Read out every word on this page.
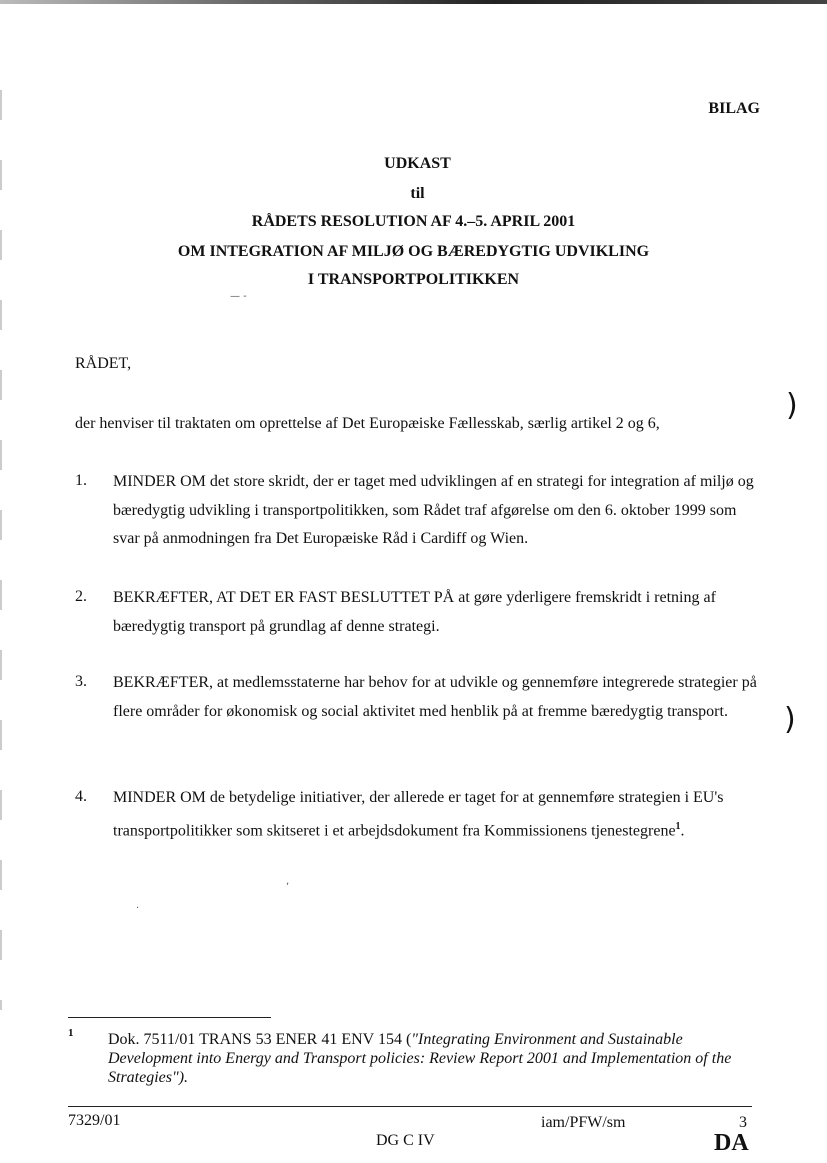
BILAG
UDKAST
til
RÅDETS RESOLUTION AF 4.–5. APRIL 2001
OM INTEGRATION AF MILJØ OG BÆREDYGTIG UDVIKLING
I TRANSPORTPOLITIKKEN
RÅDET,
der henviser til traktaten om oprettelse af Det Europæiske Fællesskab, særlig artikel 2 og 6,
1. MINDER OM det store skridt, der er taget med udviklingen af en strategi for integration af miljø og bæredygtig udvikling i transportpolitikken, som Rådet traf afgørelse om den 6. oktober 1999 som svar på anmodningen fra Det Europæiske Råd i Cardiff og Wien.
2. BEKRÆFTER, AT DET ER FAST BESLUTTET PÅ at gøre yderligere fremskridt i retning af bæredygtig transport på grundlag af denne strategi.
3. BEKRÆFTER, at medlemsstaterne har behov for at udvikle og gennemføre integrerede strategier på flere områder for økonomisk og social aktivitet med henblik på at fremme bæredygtig transport.
4. MINDER OM de betydelige initiativer, der allerede er taget for at gennemføre strategien i EU's transportpolitikker som skitseret i et arbejdsdokument fra Kommissionens tjenestegrene$^1$.
1 Dok. 7511/01 TRANS 53 ENER 41 ENV 154 ("Integrating Environment and Sustainable Development into Energy and Transport policies: Review Report 2001 and Implementation of the Strategies").
7329/01	iam/PFW/sm	3
DG C IV	DA
)
)
— -
,
·
